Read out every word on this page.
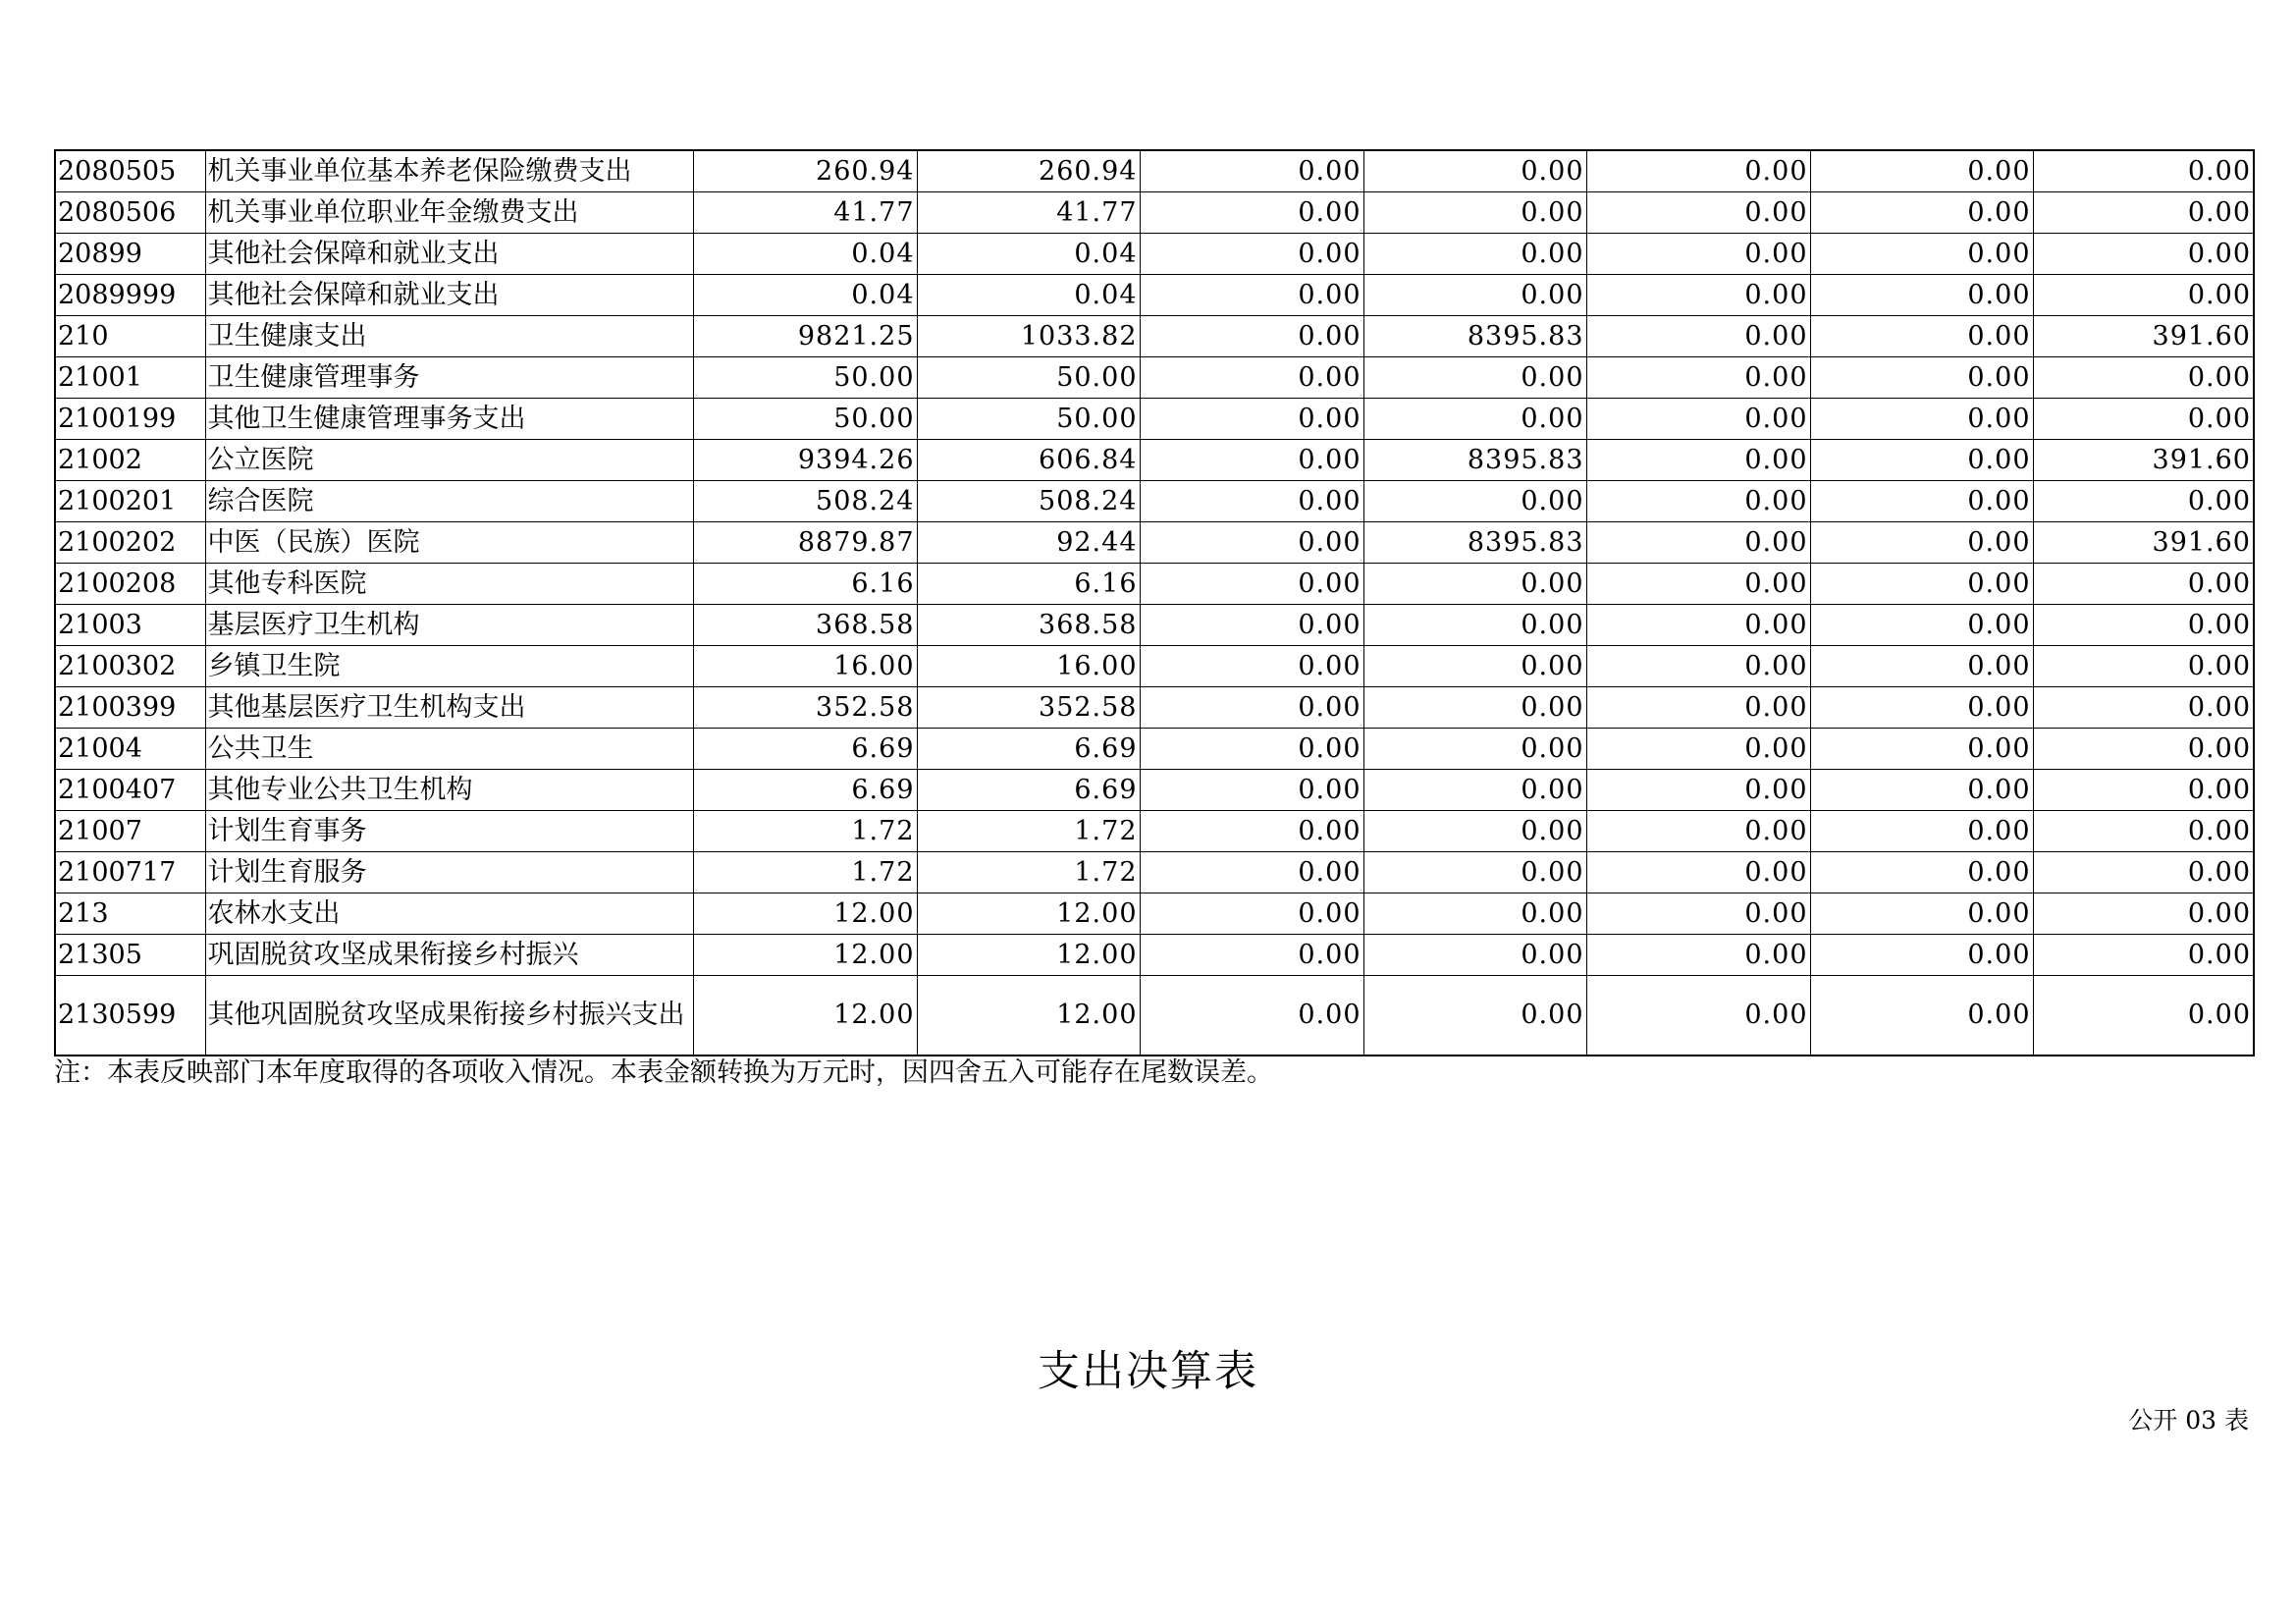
2080505	机关事业单位基本养老保险缴费支出	260.94	260.94	0.00	0.00	0.00	0.00	0.00
2080506	机关事业单位职业年金缴费支出	41.77	41.77	0.00	0.00	0.00	0.00	0.00
20899	其他社会保障和就业支出	0.04	0.04	0.00	0.00	0.00	0.00	0.00
2089999	其他社会保障和就业支出	0.04	0.04	0.00	0.00	0.00	0.00	0.00
210	卫生健康支出	9821.25	1033.82	0.00	8395.83	0.00	0.00	391.60
21001	卫生健康管理事务	50.00	50.00	0.00	0.00	0.00	0.00	0.00
2100199	其他卫生健康管理事务支出	50.00	50.00	0.00	0.00	0.00	0.00	0.00
21002	公立医院	9394.26	606.84	0.00	8395.83	0.00	0.00	391.60
2100201	综合医院	508.24	508.24	0.00	0.00	0.00	0.00	0.00
2100202	中医（民族）医院	8879.87	92.44	0.00	8395.83	0.00	0.00	391.60
2100208	其他专科医院	6.16	6.16	0.00	0.00	0.00	0.00	0.00
21003	基层医疗卫生机构	368.58	368.58	0.00	0.00	0.00	0.00	0.00
2100302	乡镇卫生院	16.00	16.00	0.00	0.00	0.00	0.00	0.00
2100399	其他基层医疗卫生机构支出	352.58	352.58	0.00	0.00	0.00	0.00	0.00
21004	公共卫生	6.69	6.69	0.00	0.00	0.00	0.00	0.00
2100407	其他专业公共卫生机构	6.69	6.69	0.00	0.00	0.00	0.00	0.00
21007	计划生育事务	1.72	1.72	0.00	0.00	0.00	0.00	0.00
2100717	计划生育服务	1.72	1.72	0.00	0.00	0.00	0.00	0.00
213	农林水支出	12.00	12.00	0.00	0.00	0.00	0.00	0.00
21305	巩固脱贫攻坚成果衔接乡村振兴	12.00	12.00	0.00	0.00	0.00	0.00	0.00
2130599	其他巩固脱贫攻坚成果衔接乡村振兴支出	12.00	12.00	0.00	0.00	0.00	0.00	0.00
注：本表反映部门本年度取得的各项收入情况。本表金额转换为万元时，因四舍五入可能存在尾数误差。
支出决算表
公开 03 表
